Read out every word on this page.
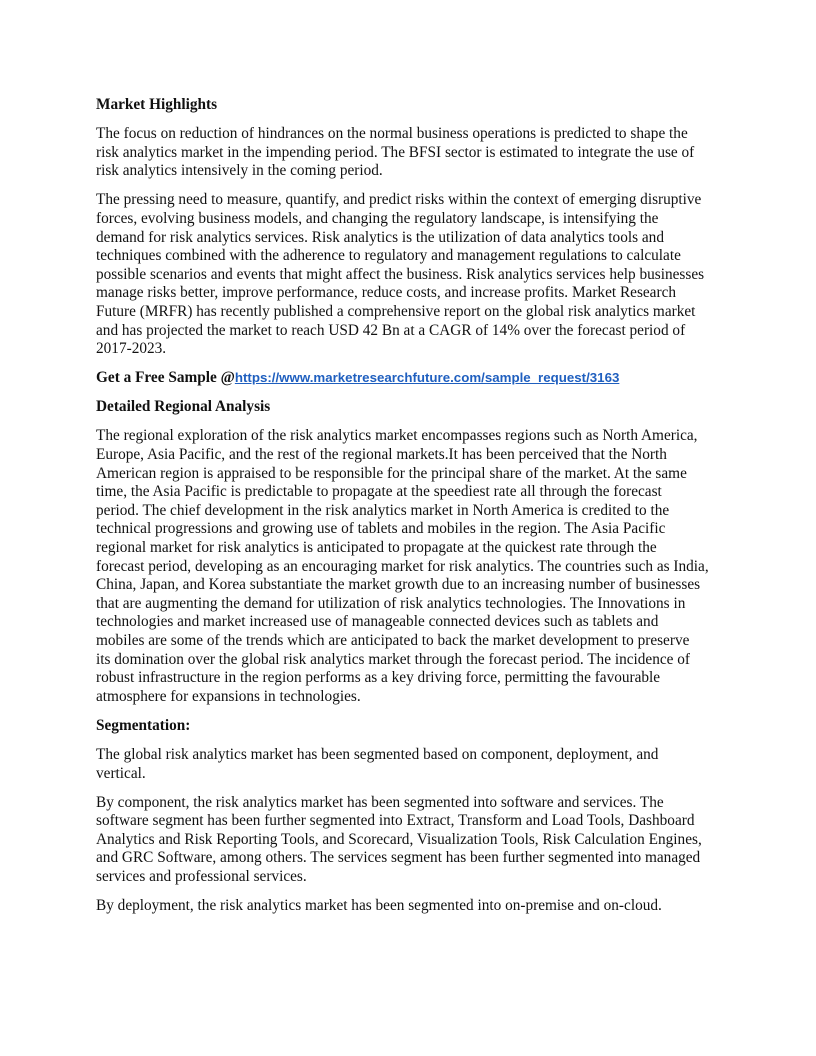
Market Highlights
The focus on reduction of hindrances on the normal business operations is predicted to shape the
risk analytics market in the impending period. The BFSI sector is estimated to integrate the use of
risk analytics intensively in the coming period.
The pressing need to measure, quantify, and predict risks within the context of emerging disruptive
forces, evolving business models, and changing the regulatory landscape, is intensifying the
demand for risk analytics services. Risk analytics is the utilization of data analytics tools and
techniques combined with the adherence to regulatory and management regulations to calculate
possible scenarios and events that might affect the business. Risk analytics services help businesses
manage risks better, improve performance, reduce costs, and increase profits. Market Research
Future (MRFR) has recently published a comprehensive report on the global risk analytics market
and has projected the market to reach USD 42 Bn at a CAGR of 14% over the forecast period of
2017-2023.
Get a Free Sample @https://www.marketresearchfuture.com/sample_request/3163
Detailed Regional Analysis
The regional exploration of the risk analytics market encompasses regions such as North America,
Europe, Asia Pacific, and the rest of the regional markets.It has been perceived that the North
American region is appraised to be responsible for the principal share of the market. At the same
time, the Asia Pacific is predictable to propagate at the speediest rate all through the forecast
period. The chief development in the risk analytics market in North America is credited to the
technical progressions and growing use of tablets and mobiles in the region. The Asia Pacific
regional market for risk analytics is anticipated to propagate at the quickest rate through the
forecast period, developing as an encouraging market for risk analytics. The countries such as India,
China, Japan, and Korea substantiate the market growth due to an increasing number of businesses
that are augmenting the demand for utilization of risk analytics technologies. The Innovations in
technologies and market increased use of manageable connected devices such as tablets and
mobiles are some of the trends which are anticipated to back the market development to preserve
its domination over the global risk analytics market through the forecast period. The incidence of
robust infrastructure in the region performs as a key driving force, permitting the favourable
atmosphere for expansions in technologies.
Segmentation:
The global risk analytics market has been segmented based on component, deployment, and
vertical.
By component, the risk analytics market has been segmented into software and services. The
software segment has been further segmented into Extract, Transform and Load Tools, Dashboard
Analytics and Risk Reporting Tools, and Scorecard, Visualization Tools, Risk Calculation Engines,
and GRC Software, among others. The services segment has been further segmented into managed
services and professional services.
By deployment, the risk analytics market has been segmented into on-premise and on-cloud.
